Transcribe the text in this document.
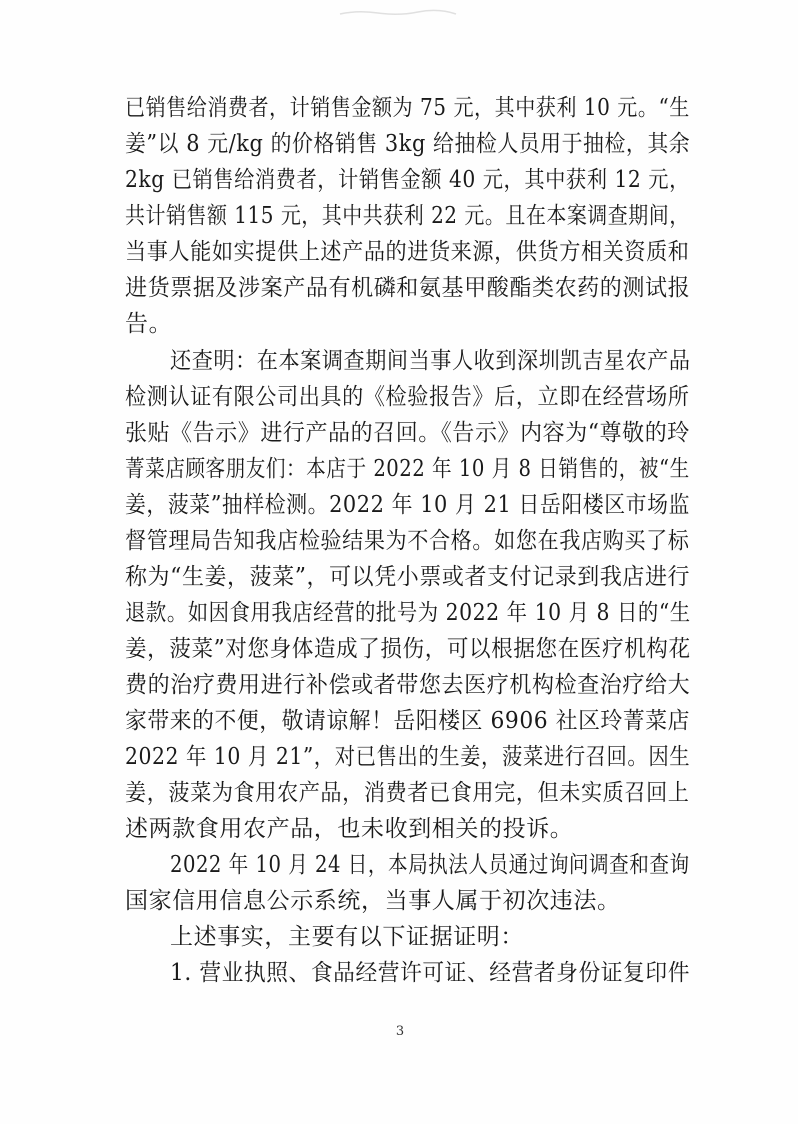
已销售给消费者，计销售金额为 75 元，其中获利 10 元。“生
姜”以 8 元/kg 的价格销售 3kg 给抽检人员用于抽检，其余
2kg 已销售给消费者，计销售金额 40 元，其中获利 12 元，
共计销售额 115 元，其中共获利 22 元。且在本案调查期间，
当事人能如实提供上述产品的进货来源，供货方相关资质和
进货票据及涉案产品有机磷和氨基甲酸酯类农药的测试报
告。
还查明：在本案调查期间当事人收到深圳凯吉星农产品
检测认证有限公司出具的《检验报告》后，立即在经营场所
张贴《告示》进行产品的召回。《告示》内容为“尊敬的玲
菁菜店顾客朋友们：本店于 2022 年 10 月 8 日销售的，被“生
姜，菠菜”抽样检测。2022 年 10 月 21 日岳阳楼区市场监
督管理局告知我店检验结果为不合格。如您在我店购买了标
称为“生姜，菠菜”，可以凭小票或者支付记录到我店进行
退款。如因食用我店经营的批号为 2022 年 10 月 8 日的“生
姜，菠菜”对您身体造成了损伤，可以根据您在医疗机构花
费的治疗费用进行补偿或者带您去医疗机构检查治疗给大
家带来的不便，敬请谅解！岳阳楼区 6906 社区玲菁菜店
2022 年 10 月 21”，对已售出的生姜，菠菜进行召回。因生
姜，菠菜为食用农产品，消费者已食用完，但未实质召回上
述两款食用农产品，也未收到相关的投诉。
2022 年 10 月 24 日，本局执法人员通过询问调查和查询
国家信用信息公示系统，当事人属于初次违法。
上述事实，主要有以下证据证明：
1. 营业执照、食品经营许可证、经营者身份证复印件
3
